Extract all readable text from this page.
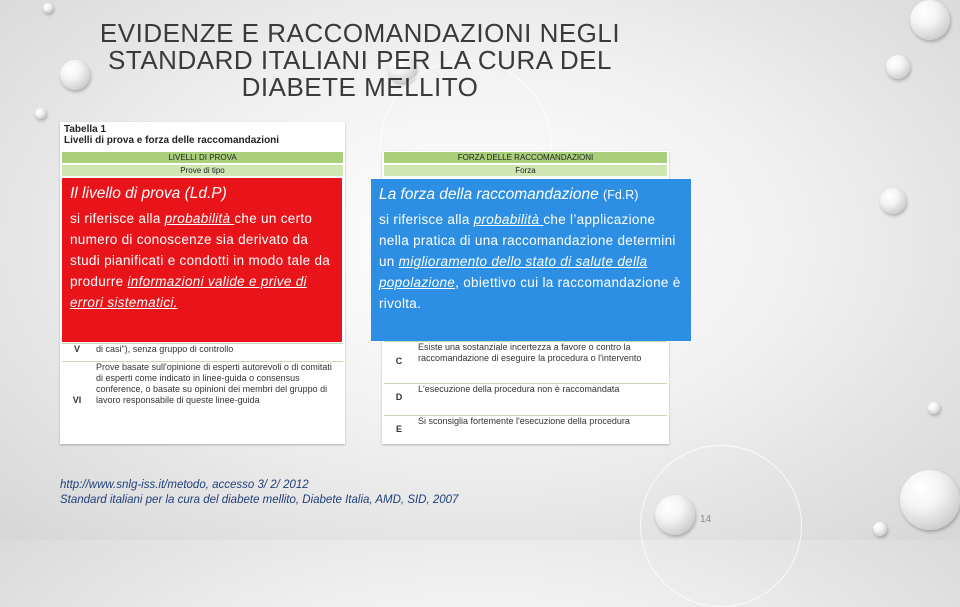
EVIDENZE E RACCOMANDAZIONI NEGLI
STANDARD ITALIANI PER LA CURA DEL
DIABETE MELLITO
Tabella 1
Livelli di prova e forza delle raccomandazioni
LIVELLI DI PROVA
Prove di tipo
V	di casi"), senza gruppo di controllo
VI
Prove basate sull'opinione di esperti autorevoli o di comitati di esperti come indicato in linee-guida o consensus conference, o basate su opinioni dei membri del gruppo di lavoro responsabile di queste linee-guida
FORZA DELLE RACCOMANDAZIONI
Forza
C
Esiste una sostanziale incertezza a favore o contro la raccomandazione di eseguire la procedura o l'intervento
D
L'esecuzione della procedura non è raccomandata
E
Si sconsiglia fortemente l'esecuzione della procedura
Il livello di prova (Ld.P)
si riferisce alla probabilità che un certo numero di conoscenze sia derivato da studi pianificati e condotti in modo tale da produrre informazioni valide e prive di errori sistematici.
La forza della raccomandazione (Fd.R)
si riferisce alla probabilità che l’applicazione nella pratica di una raccomandazione determini un miglioramento dello stato di salute della popolazione, obiettivo cui la raccomandazione è rivolta.
http://www.snlg-iss.it/metodo, accesso 3/ 2/ 2012
Standard italiani per la cura del diabete mellito, Diabete Italia, AMD, SID, 2007
14
